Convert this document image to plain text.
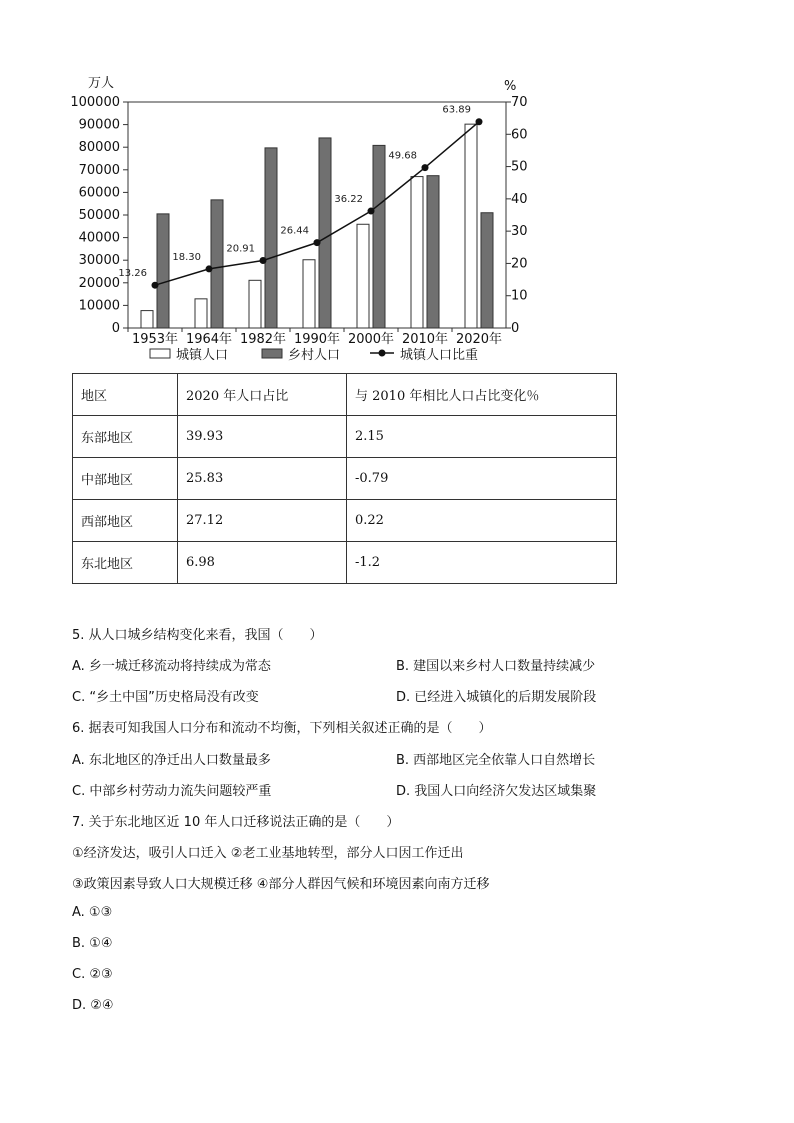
万人	%
0
10000
20000
30000
40000
50000
60000
70000
80000
90000
100000
0
10
20
30
40
50
60
70
13.26
18.30
20.91
26.44
36.22
49.68
63.89
1953年 1964年 1982年 1990年 2000年 2010年 2020年
城镇人口	乡村人口	城镇人口比重
地区	2020 年人口占比	与 2010 年相比人口占比变化％
东部地区	39.93	2.15
中部地区	25.83	-0.79
西部地区	27.12	0.22
东北地区	6.98	-1.2
5. 从人口城乡结构变化来看，我国（　　）
A. 乡一城迁移流动将持续成为常态	B. 建国以来乡村人口数量持续减少
C. “乡土中国”历史格局没有改变	D. 已经进入城镇化的后期发展阶段
6. 据表可知我国人口分布和流动不均衡，下列相关叙述正确的是（　　）
A. 东北地区的净迁出人口数量最多	B. 西部地区完全依靠人口自然增长
C. 中部乡村劳动力流失问题较严重	D. 我国人口向经济欠发达区域集聚
7. 关于东北地区近 10 年人口迁移说法正确的是（　　）
①经济发达，吸引人口迁入 ②老工业基地转型，部分人口因工作迁出
③政策因素导致人口大规模迁移 ④部分人群因气候和环境因素向南方迁移
A. ①③
B. ①④
C. ②③
D. ②④
